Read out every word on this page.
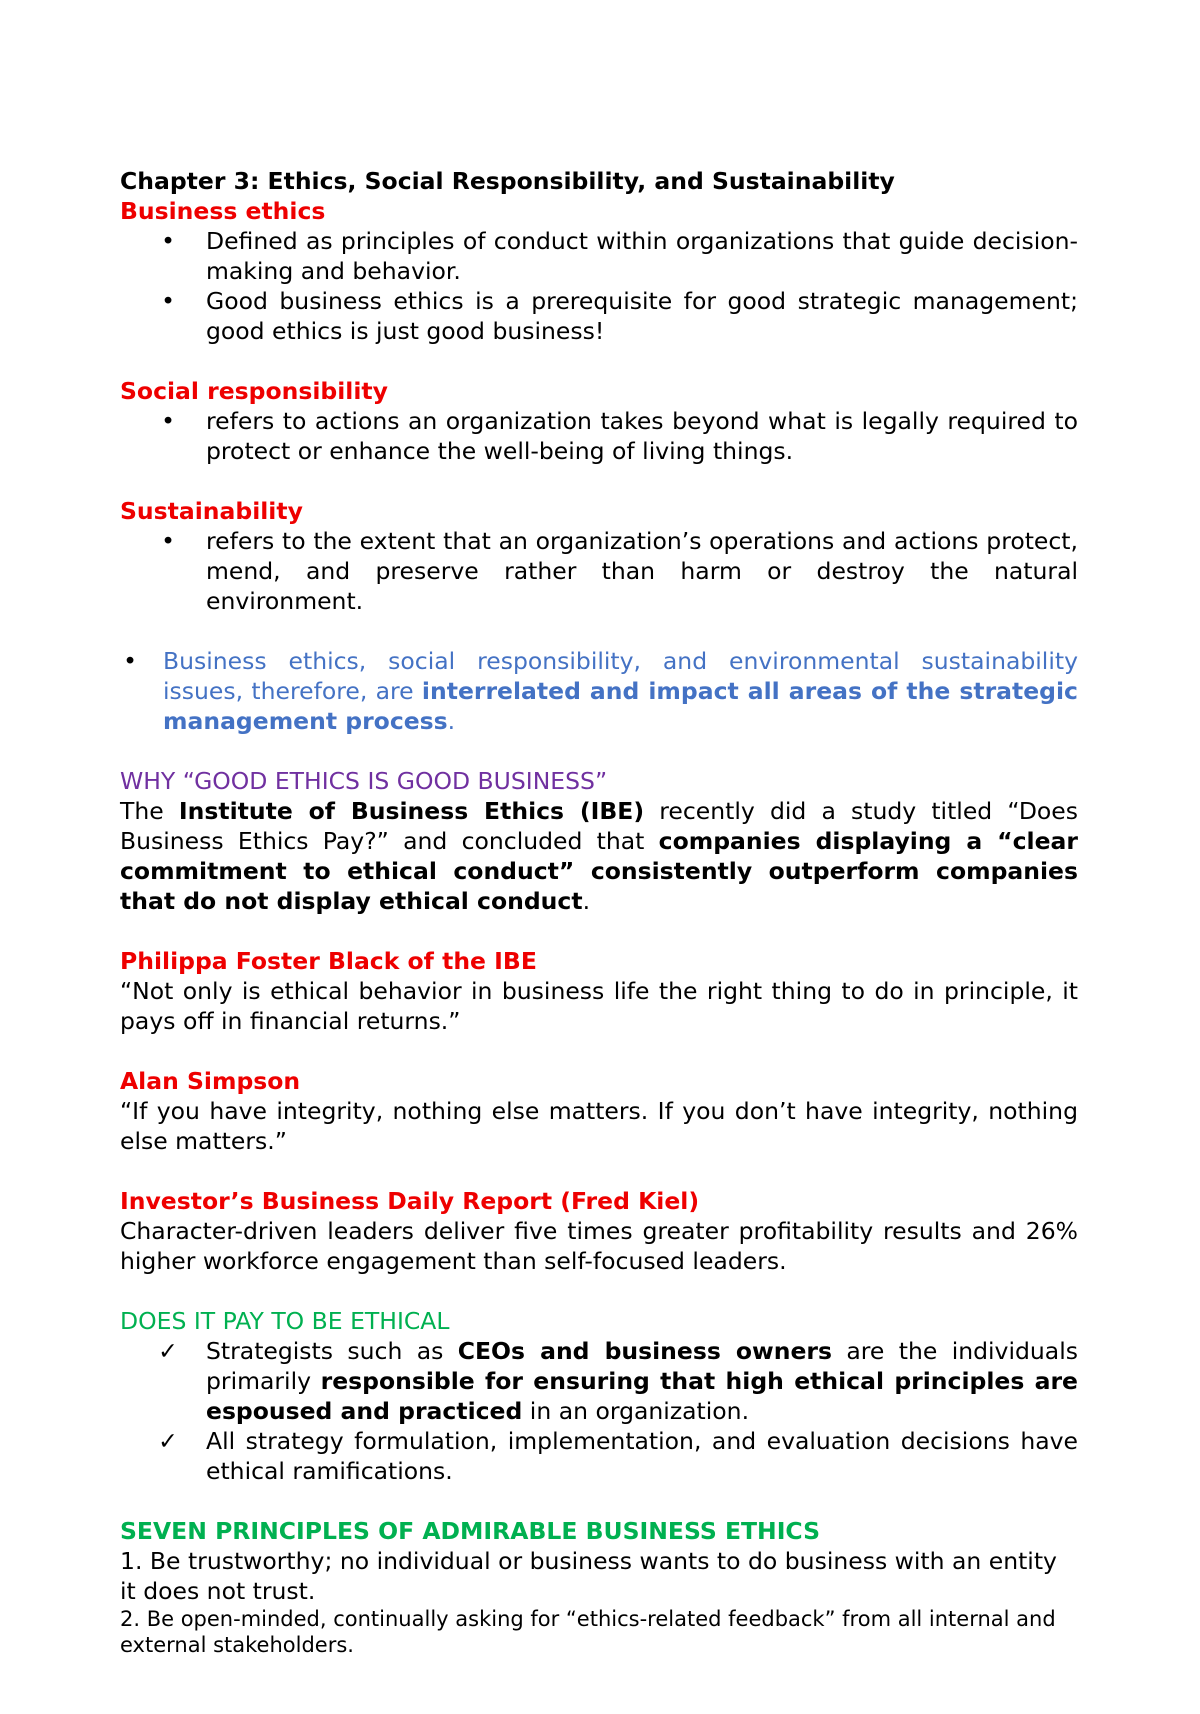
Chapter 3: Ethics, Social Responsibility, and Sustainability
Business ethics
• Defined as principles of conduct within organizations that guide decision-making and behavior.
• Good business ethics is a prerequisite for good strategic management; good ethics is just good business!
Social responsibility
• refers to actions an organization takes beyond what is legally required to protect or enhance the well-being of living things.
Sustainability
• refers to the extent that an organization’s operations and actions protect, mend, and preserve rather than harm or destroy the natural environment.
• Business ethics, social responsibility, and environmental sustainability issues, therefore, are interrelated and impact all areas of the strategic management process.
WHY “GOOD ETHICS IS GOOD BUSINESS”

The Institute of Business Ethics (IBE) recently did a study titled “Does Business Ethics Pay?” and concluded that companies displaying a “clear commitment to ethical conduct” consistently outperform companies that do not display ethical conduct.

Philippa Foster Black of the IBE

“Not only is ethical behavior in business life the right thing to do in principle, it pays off in financial returns.”

Alan Simpson

“If you have integrity, nothing else matters. If you don’t have integrity, nothing else matters.”

Investor’s Business Daily Report (Fred Kiel)

Character-driven leaders deliver five times greater profitability results and 26% higher workforce engagement than self-focused leaders.

DOES IT PAY TO BE ETHICAL
✓ Strategists such as CEOs and business owners are the individuals primarily responsible for ensuring that high ethical principles are espoused and practiced in an organization.
✓ All strategy formulation, implementation, and evaluation decisions have ethical ramifications.
SEVEN PRINCIPLES OF ADMIRABLE BUSINESS ETHICS

1. Be trustworthy; no individual or business wants to do business with an entity it does not trust.

2. Be open-minded, continually asking for “ethics-related feedback” from all internal and external stakeholders.
